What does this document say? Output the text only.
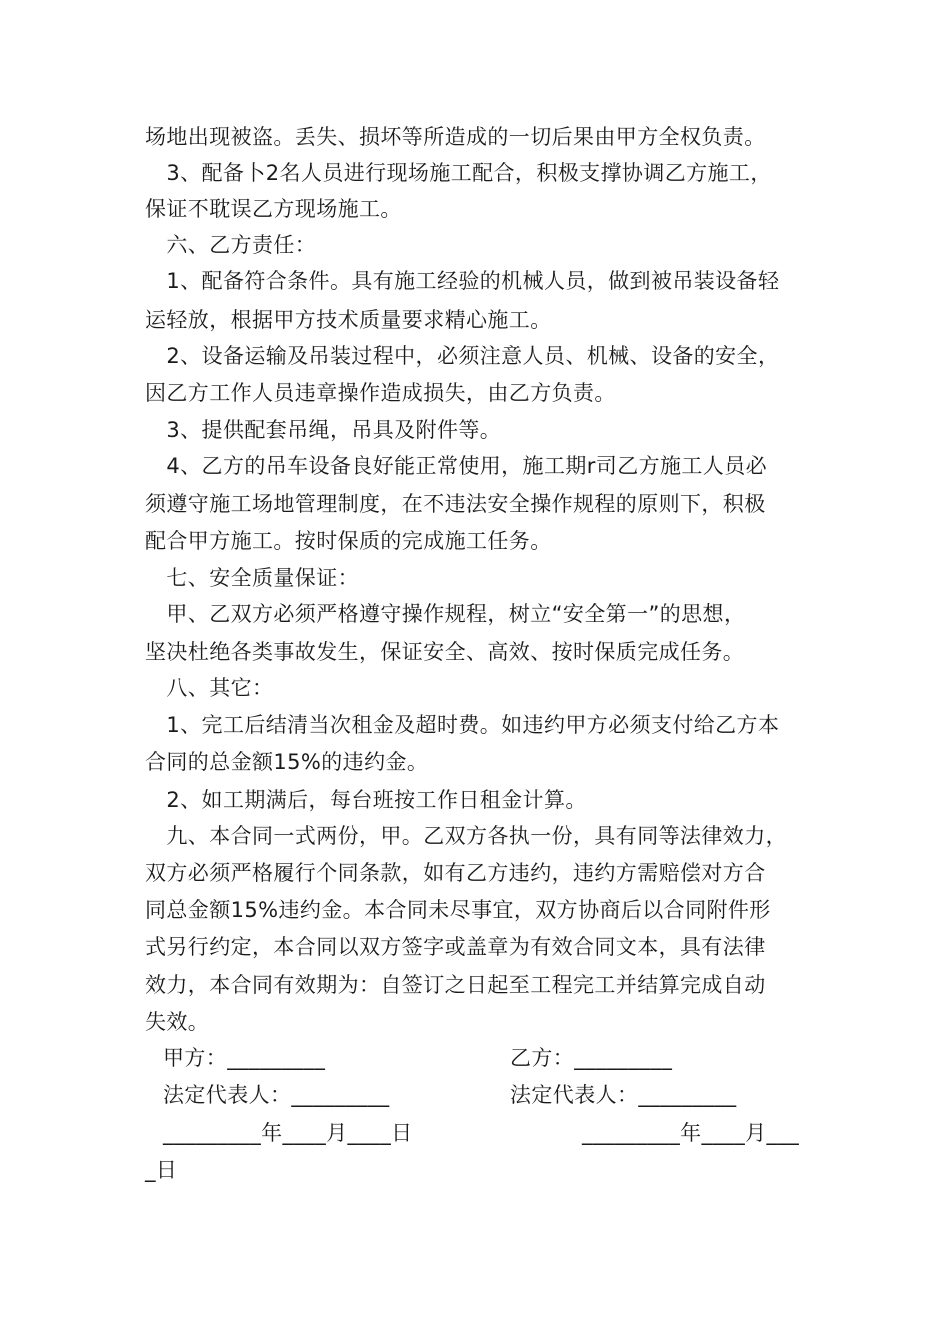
场地出现被盗。丢失、损坏等所造成的一切后果由甲方全权负责。
　3、配备卜2名人员进行现场施工配合，积极支撑协调乙方施工，
保证不耽误乙方现场施工。
　六、乙方责任：
　1、配备符合条件。具有施工经验的机械人员，做到被吊装设备轻
运轻放，根据甲方技术质量要求精心施工。
　2、设备运输及吊装过程中，必须注意人员、机械、设备的安全，
因乙方工作人员违章操作造成损失，由乙方负责。
　3、提供配套吊绳，吊具及附件等。
　4、乙方的吊车设备良好能正常使用，施工期r司乙方施工人员必
须遵守施工场地管理制度，在不违法安全操作规程的原则下，积极
配合甲方施工。按时保质的完成施工任务。
　七、安全质量保证：
　甲、乙双方必须严格遵守操作规程，树立“安全第一”的思想，
坚决杜绝各类事故发生，保证安全、高效、按时保质完成任务。
　八、其它：
　1、完工后结清当次租金及超时费。如违约甲方必须支付给乙方本
合同的总金额15%的违约金。
　2、如工期满后，每台班按工作日租金计算。
　九、本合同一式两份，甲。乙双方各执一份，具有同等法律效力，
双方必须严格履行个同条款，如有乙方违约，违约方需赔偿对方合
同总金额15%违约金。本合同未尽事宜，双方协商后以合同附件形
式另行约定，本合同以双方签字或盖章为有效合同文本，具有法律
效力，本合同有效期为：自签订之日起至工程完工并结算完成自动
失效。
甲方：_________	乙方：_________
法定代表人：_________	法定代表人：_________
_________年____月____日	_________年____月___
_日
